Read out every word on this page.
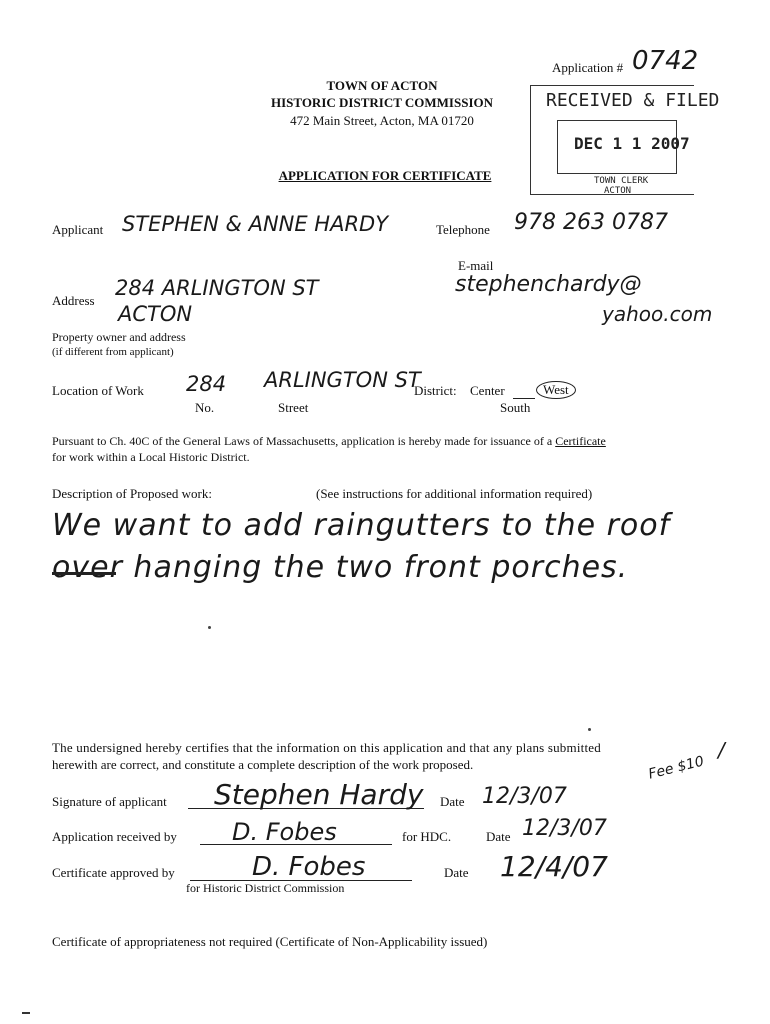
Application # 0742
TOWN OF ACTON
HISTORIC DISTRICT COMMISSION
472 Main Street, Acton, MA 01720
APPLICATION FOR CERTIFICATE
RECEIVED & FILED
DEC 1 1 2007
TOWN CLERK
ACTON
Applicant STEPHEN & ANNE HARDY	Telephone 978 263 0787
E-mail
stephenchardy@
yahoo.com
Address
284 ARLINGTON ST
ACTON
Property owner and address
(if different from applicant)
Location of Work 284 ARLINGTON ST
No.	Street
District: Center	West
South
Pursuant to Ch. 40C of the General Laws of Massachusetts, application is hereby made for issuance of a Certificate
for work within a Local Historic District.
Description of Proposed work:	(See instructions for additional information required)
We want to add raingutters to the roof
over hanging the two front porches.
The undersigned hereby certifies that the information on this application and that any plans submitted	/
herewith are correct, and constitute a complete description of the work proposed.	Fee $10
Signature of applicant Stephen Hardy Date 12/3/07
Application received by D. Fobes	for HDC.	Date 12/3/07
Certificate approved by	D. Fobes	Date 12/4/07
for Historic District Commission
Certificate of appropriateness not required (Certificate of Non-Applicability issued)
